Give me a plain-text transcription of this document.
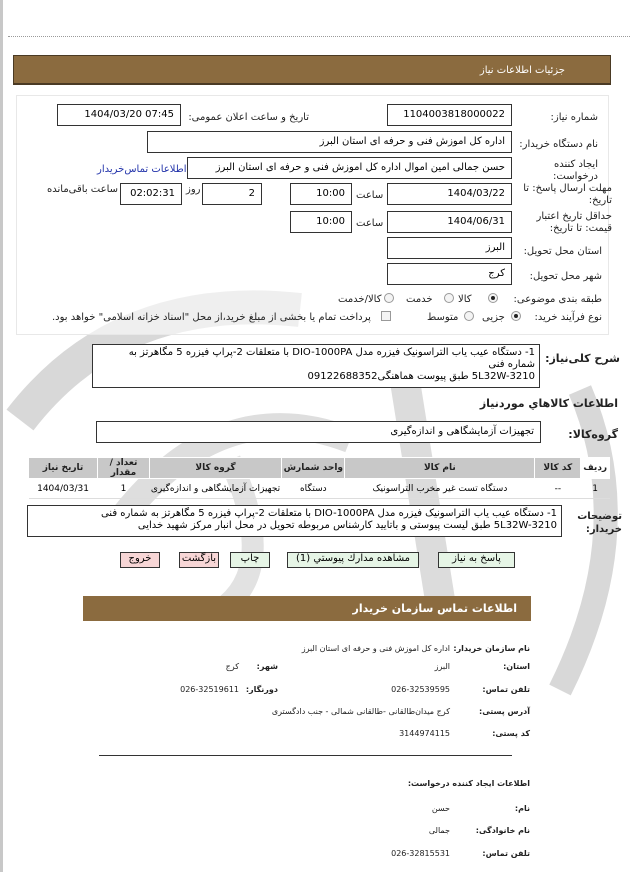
جزئيات اطلاعات نياز
شماره نیاز:
1104003818000022
تاریخ و ساعت اعلان عمومی:
1404/03/20 07:45
نام دستگاه خریدار:
اداره کل اموزش فنی و حرفه ای استان البرز
ایجاد کننده درخواست:
حسن جمالی امین اموال اداره کل اموزش فنی و حرفه ای استان البرز
اطلاعات تماس‌خریدار
مهلت ارسال پاسخ: تا تاریخ:
1404/03/22
ساعت
10:00
2
روز
02:02:31
ساعت باقی‌مانده
حداقل تاریخ اعتبار قیمت: تا تاریخ:
1404/06/31
ساعت
10:00
استان محل تحویل:
البرز
شهر محل تحویل:
کرج
طبقه بندی موضوعی:
کالا
خدمت
کالا/خدمت
نوع فرآیند خرید:
جزیی
متوسط
پرداخت تمام یا بخشی از مبلغ خرید،از محل "اسناد خزانه اسلامی" خواهد بود.
شرح کلی‌نیاز:
1- دستگاه عیب یاب التراسونیک فیزره مدل DIO-1000PA با متعلقات 2-پراپ فیزره 5 مگاهرتز به
شماره فنی
5L32W-3210 طبق پیوست هماهنگی09122688352
اطلاعات کالاهاي موردنیاز
گروه‌کالا:
تجهیزات آزمایشگاهی و اندازه‌گیری
ردیف	کد کالا	نام کالا	واحد شمارش	گروه کالا	تعداد / مقدار	تاریخ نیاز
1	--	دستگاه تست غیر مخرب التراسونیک	دستگاه	تجهیزات آزمایشگاهی و اندازه‌گیری	1	1404/03/31
توضیحات خریدار:
1- دستگاه عیب یاب التراسونیک فیزره مدل DIO-1000PA با متعلقات 2-پراپ فیزره 5 مگاهرتز به شماره فنی
5L32W-3210 طبق لیست پیوستی و باتایید کارشناس مربوطه تحویل در محل انبار مرکز شهید خدایی
پاسخ به نیاز
مشاهده مدارك پیوستي (1)
چاپ
بازگشت
خروج
اطلاعات تماس سازمان خریدار
نام سازمان خریدار:
اداره کل اموزش فنی و حرفه ای استان البرز
استان:
البرز
شهر:
کرج
تلفن تماس:
026-32539595
دورنگار:
026-32519611
آدرس پستی:
کرج میدان‌طالقانی -طالقانی شمالی - جنب دادگستری
کد پستی:
3144974115
اطلاعات ایجاد کننده درخواست:
نام:
حسن
نام خانوادگی:
جمالی
تلفن تماس:
026-32815531
